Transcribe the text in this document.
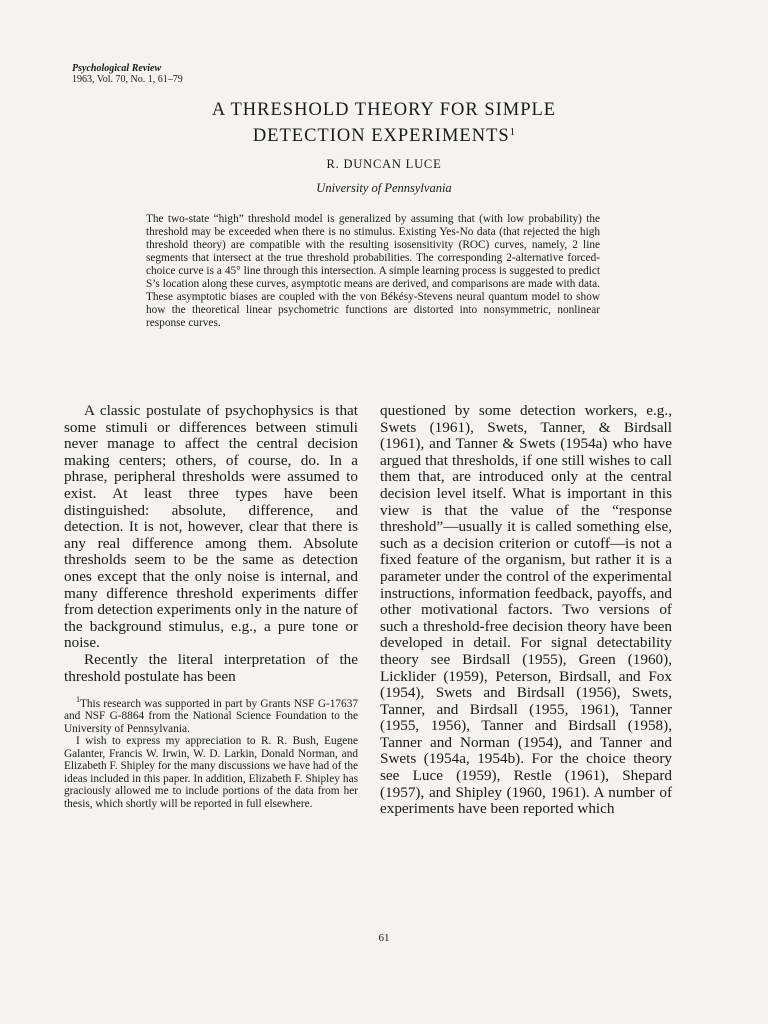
Psychological Review
1963, Vol. 70, No. 1, 61–79
A THRESHOLD THEORY FOR SIMPLE
DETECTION EXPERIMENTS$^1$
R. DUNCAN LUCE
University of Pennsylvania
The two-state “high” threshold model is generalized by assuming that (with low probability) the threshold may be exceeded when there is no stimulus. Existing Yes-No data (that rejected the high threshold theory) are compatible with the resulting isosensitivity (ROC) curves, namely, 2 line segments that intersect at the true threshold probabilities. The corresponding 2-alternative forced-choice curve is a 45° line through this intersection. A simple learning process is suggested to predict S’s location along these curves, asymptotic means are derived, and comparisons are made with data. These asymptotic biases are coupled with the von Békésy-Stevens neural quantum model to show how the theoretical linear psychometric functions are distorted into nonsymmetric, nonlinear response curves.

A classic postulate of psychophysics is that some stimuli or differences between stimuli never manage to affect the central decision making centers; others, of course, do. In a phrase, peripheral thresholds were assumed to exist. At least three types have been distinguished: absolute, difference, and detection. It is not, however, clear that there is any real difference among them. Absolute thresholds seem to be the same as detection ones except that the only noise is internal, and many difference threshold experiments differ from detection experiments only in the nature of the background stimulus, e.g., a pure tone or noise.

Recently the literal interpretation of the threshold postulate has been

$^1$This research was supported in part by Grants NSF G-17637 and NSF G-8864 from the National Science Foundation to the University of Pennsylvania.

I wish to express my appreciation to R. R. Bush, Eugene Galanter, Francis W. Irwin, W. D. Larkin, Donald Norman, and Elizabeth F. Shipley for the many discussions we have had of the ideas included in this paper. In addition, Elizabeth F. Shipley has graciously allowed me to include portions of the data from her thesis, which shortly will be reported in full elsewhere.

questioned by some detection workers, e.g., Swets (1961), Swets, Tanner, & Birdsall (1961), and Tanner & Swets (1954a) who have argued that thresholds, if one still wishes to call them that, are introduced only at the central decision level itself. What is important in this view is that the value of the “response threshold”—usually it is called something else, such as a decision criterion or cutoff—is not a fixed feature of the organism, but rather it is a parameter under the control of the experimental instructions, information feedback, payoffs, and other motivational factors. Two versions of such a threshold-free decision theory have been developed in detail. For signal detectability theory see Birdsall (1955), Green (1960), Licklider (1959), Peterson, Birdsall, and Fox (1954), Swets and Birdsall (1956), Swets, Tanner, and Birdsall (1955, 1961), Tanner (1955, 1956), Tanner and Birdsall (1958), Tanner and Norman (1954), and Tanner and Swets (1954a, 1954b). For the choice theory see Luce (1959), Restle (1961), Shepard (1957), and Shipley (1960, 1961). A number of experiments have been reported which

61
